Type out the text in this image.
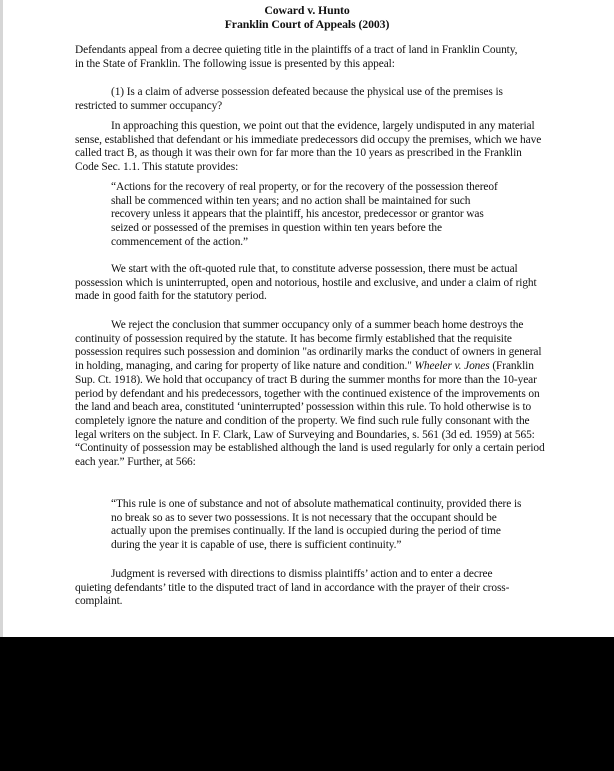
Coward v. Hunto
Franklin Court of Appeals (2003)

Defendants appeal from a decree quieting title in the plaintiffs of a tract of land in Franklin County, in the State of Franklin. The following issue is presented by this appeal:

(1) Is a claim of adverse possession defeated because the physical use of the premises is restricted to summer occupancy?

In approaching this question, we point out that the evidence, largely undisputed in any material sense, established that defendant or his immediate predecessors did occupy the premises, which we have called tract B, as though it was their own for far more than the 10 years as prescribed in the Franklin Code Sec. 1.1. This statute provides:

“Actions for the recovery of real property, or for the recovery of the possession thereof shall be commenced within ten years; and no action shall be maintained for such recovery unless it appears that the plaintiff, his ancestor, predecessor or grantor was seized or possessed of the premises in question within ten years before the commencement of the action.”

We start with the oft-quoted rule that, to constitute adverse possession, there must be actual possession which is uninterrupted, open and notorious, hostile and exclusive, and under a claim of right made in good faith for the statutory period.

We reject the conclusion that summer occupancy only of a summer beach home destroys the continuity of possession required by the statute. It has become firmly established that the requisite possession requires such possession and dominion "as ordinarily marks the conduct of owners in general in holding, managing, and caring for property of like nature and condition." Wheeler v. Jones (Franklin Sup. Ct. 1918). We hold that occupancy of tract B during the summer months for more than the 10-year period by defendant and his predecessors, together with the continued existence of the improvements on the land and beach area, constituted ‘uninterrupted’ possession within this rule. To hold otherwise is to completely ignore the nature and condition of the property. We find such rule fully consonant with the legal writers on the subject. In F. Clark, Law of Surveying and Boundaries, s. 561 (3d ed. 1959) at 565: “Continuity of possession may be established although the land is used regularly for only a certain period each year.” Further, at 566:

“This rule is one of substance and not of absolute mathematical continuity, provided there is no break so as to sever two possessions. It is not necessary that the occupant should be actually upon the premises continually. If the land is occupied during the period of time during the year it is capable of use, there is sufficient continuity.”

Judgment is reversed with directions to dismiss plaintiffs’ action and to enter a decree quieting defendants’ title to the disputed tract of land in accordance with the prayer of their cross-complaint.
